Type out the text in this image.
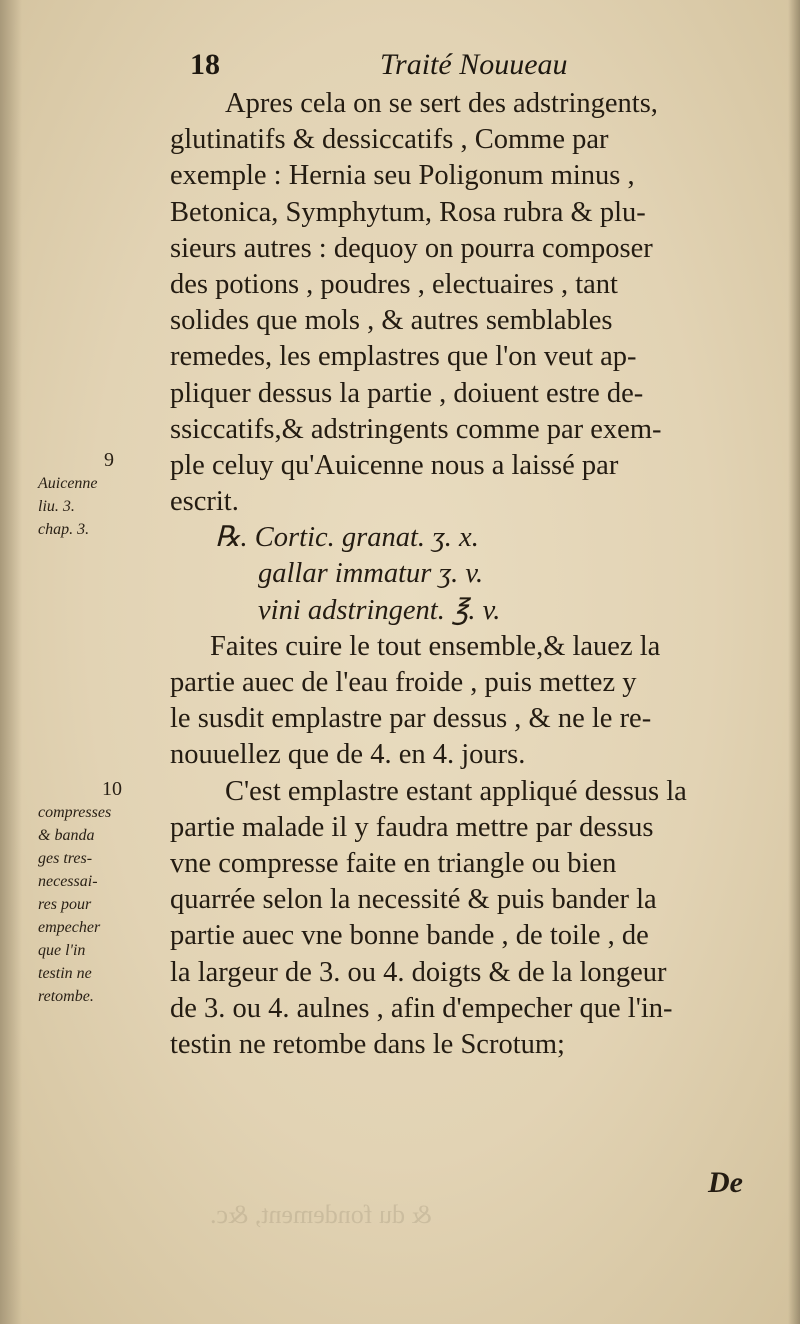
& du fondement, &c.
18	Traité Nouueau
9
Auicenne
liu. 3.
chap. 3.
10
compresses
& banda
ges tres-
necessai-
res pour
empecher
que l'in
testin ne
retombe.
Apres cela on se sert des adstringents,
glutinatifs & dessiccatifs , Comme par
exemple : Hernia seu Poligonum minus ,
Betonica, Symphytum, Rosa rubra & plu-
sieurs autres : dequoy on pourra composer
des potions , poudres , electuaires , tant
solides que mols , & autres semblables
remedes, les emplastres que l'on veut ap-
pliquer dessus la partie , doiuent estre de-
ssiccatifs,& adstringents comme par exem-
ple celuy qu'Auicenne nous a laissé par
escrit.
℞. Cortic. granat. ʒ. x.
gallar immatur ʒ. v.
vini adstringent. ℥. v.
Faites cuire le tout ensemble,& lauez la
partie auec de l'eau froide , puis mettez y
le susdit emplastre par dessus , & ne le re-
nouuellez que de 4. en 4. jours.
C'est emplastre estant appliqué dessus la
partie malade il y faudra mettre par dessus
vne compresse faite en triangle ou bien
quarrée selon la necessité & puis bander la
partie auec vne bonne bande , de toile , de
la largeur de 3. ou 4. doigts & de la longeur
de 3. ou 4. aulnes , afin d'empecher que l'in-
testin ne retombe dans le Scrotum;
De
